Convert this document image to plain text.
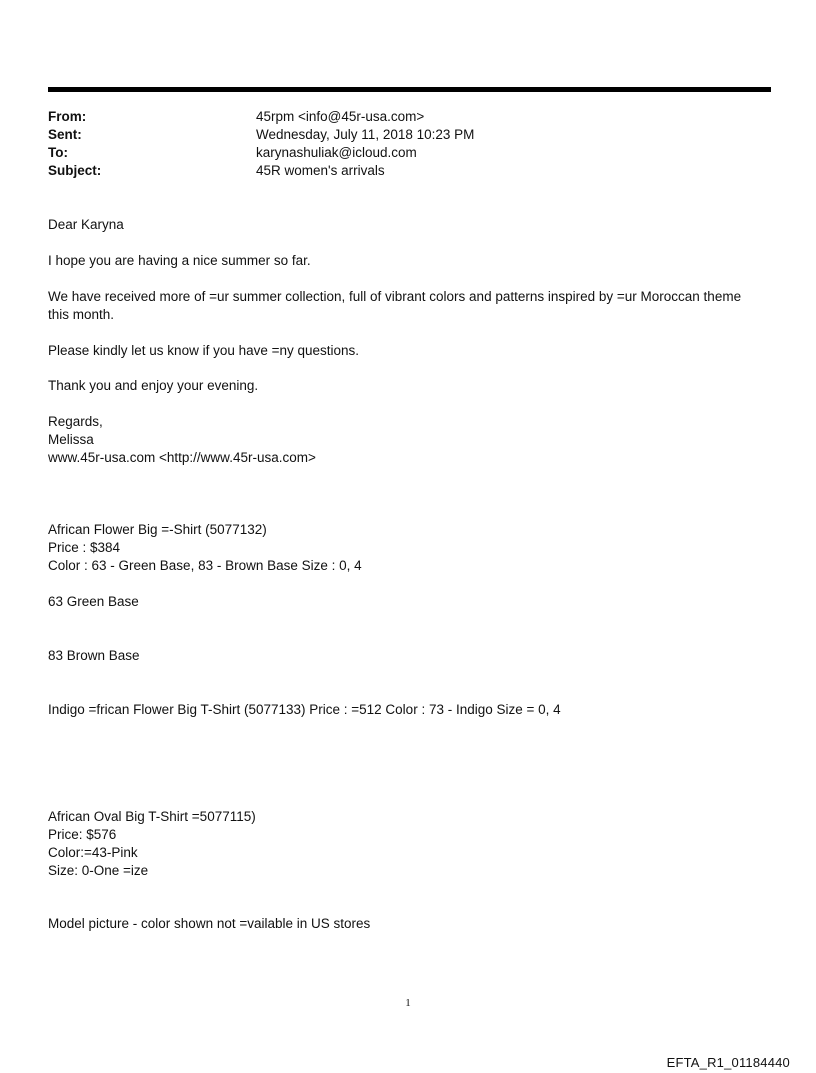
From:	45rpm <info@45r-usa.com>
Sent:	Wednesday, July 11, 2018 10:23 PM
To:	karynashuliak@icloud.com
Subject:	45R women's arrivals
Dear Karyna
I hope you are having a nice summer so far.
We have received more of =ur summer collection, full of vibrant colors and patterns inspired by =ur Moroccan theme
this month.
Please kindly let us know if you have =ny questions.
Thank you and enjoy your evening.
Regards,
Melissa
www.45r-usa.com <http://www.45r-usa.com>
African Flower Big =-Shirt (5077132)
Price : $384
Color : 63 - Green Base, 83 - Brown Base Size : 0, 4
63 Green Base
83 Brown Base
Indigo =frican Flower Big T-Shirt (5077133) Price : =512 Color : 73 - Indigo Size = 0, 4
African Oval Big T-Shirt =5077115)
Price: $576
Color:=43-Pink
Size: 0-One =ize
Model picture - color shown not =vailable in US stores
1
EFTA_R1_01184440
